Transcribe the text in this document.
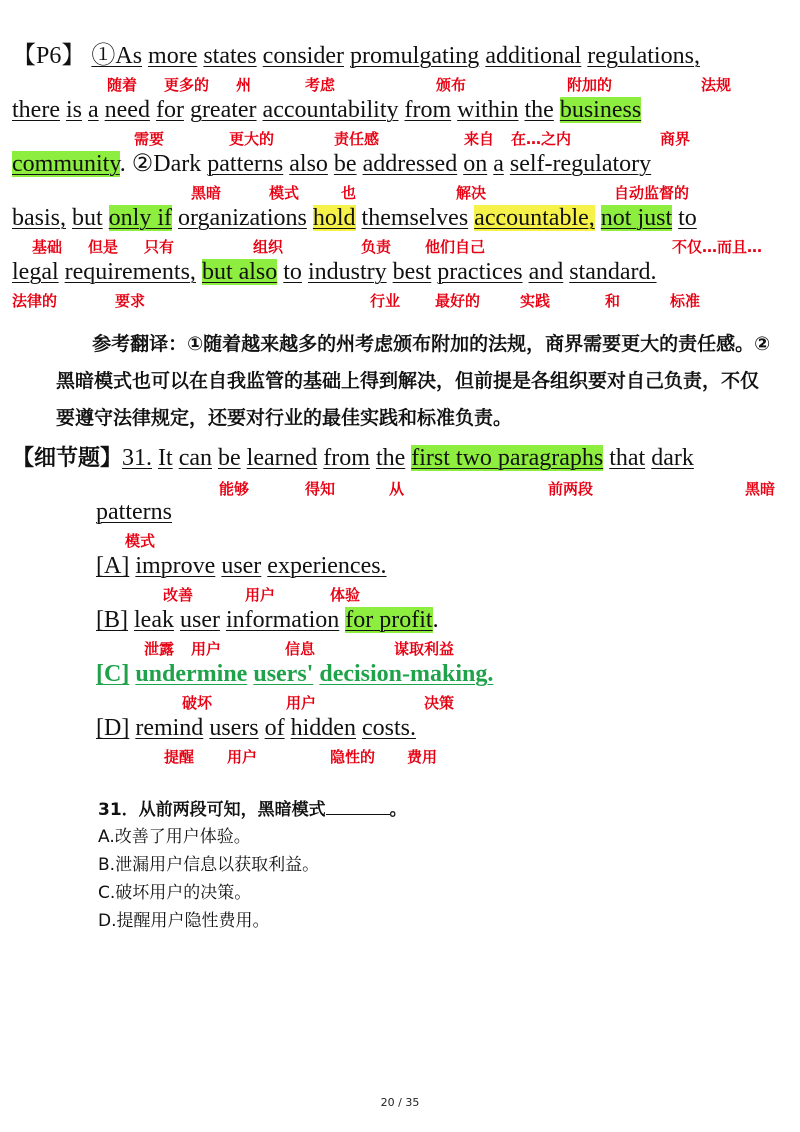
【P6】 ①As more states consider promulgating additional regulations,
there is a need for greater accountability from within the business
community. ②Dark patterns also be addressed on a self-regulatory
basis, but only if organizations hold themselves accountable, not just to
legal requirements, but also to industry best practices and standard.
随着 更多的 州	考虑	颁布	附加的	法规
需要	更大的	责任感	来自 在…之内	商界
黑暗	模式	也	解决	自动监督的
基础 但是 只有	组织	负责 他们自己	不仅…而且…
法律的	要求	行业 最好的	实践	和	标准
参考翻译：①随着越来越多的州考虑颁布附加的法规，商界需要更大的责任感。②黑暗模式也可以在自我监管的基础上得到解决，但前提是各组织要对自己负责，不仅要遵守法律规定，还要对行业的最佳实践和标准负责。
【细节题】31. It can be learned from the first two paragraphs that dark
patterns
[A] improve user experiences.
[B] leak user information for profit.
[C] undermine users' decision-making.
[D] remind users of hidden costs.
能够	得知	从	前两段	黑暗
模式
改善	用户	体验
泄露 用户	信息	谋取利益
破坏	用户	决策
提醒 用户	隐性的 费用
31．从前两段可知，黑暗模式	。
A.改善了用户体验。
B.泄漏用户信息以获取利益。
C.破坏用户的决策。
D.提醒用户隐性费用。
20 / 35
